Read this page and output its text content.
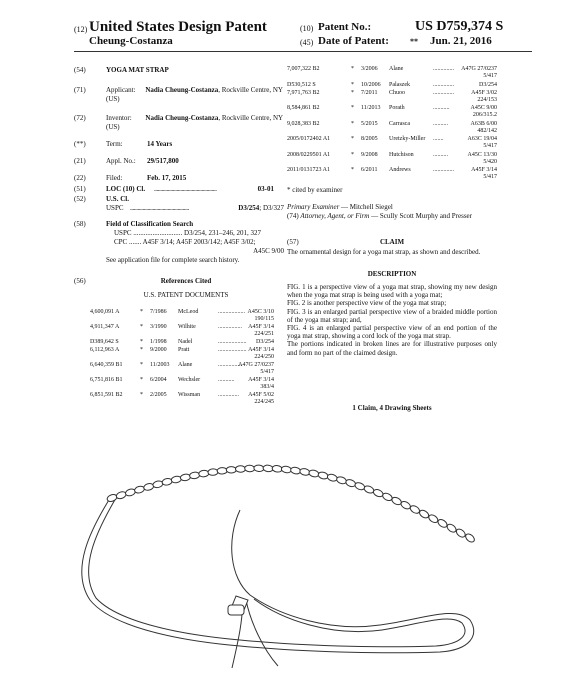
(12) United States Design Patent
Cheung-Costanza
(10) Patent No.:	US D759,374 S
(45) Date of Patent:	** Jun. 21, 2016
(54)	YOGA MAT STRAP
(71)	Applicant: Nadia Cheung-Costanza, Rockville Centre, NY (US)
(72)	Inventor: Nadia Cheung-Costanza, Rockville Centre, NY (US)
(**)	Term:	14 Years
(21)	Appl. No.: 29/517,800
(22)	Filed:	Feb. 17, 2015
(51)	LOC (10) Cl. ..................................................	03-01
(52)	U.S. Cl.
USPC ...............................................	D3/254; D3/327
(58)	Field of Classification Search
USPC ............................ D3/254, 231–246, 201, 327
CPC ....... A45F 3/14; A45F 2003/142; A45F 3/02;
A45C 9/00
See application file for complete search history.
(56)	References Cited
U.S. PATENT DOCUMENTS
4,600,091 A	* 7/1986 McLeod	.................. A45C 3/10
190/115
4,911,347 A	* 3/1990 Wilhite	................ A45F 3/14
224/251
D389,642 S	* 1/1998 Nadel	................... D3/254
6,112,963 A	* 9/2000 Pratt	................... A45F 3/14
224/250
6,640,359 B1	* 11/2003 Alane	................
A47G 27/0237
5/417
6,751,816 B1	* 6/2004 Wechsler	........... A45F 3/14
383/4
6,851,591 B2	* 2/2005 Wissman	.............. A45F 5/02
224/245
7,007,322 B2	* 3/2006 Alane	.............. A47G 27/0237
5/417
D530,512 S	* 10/2006 Palaszek	..............	D3/254
7,971,763 B2	* 7/2011 Chuoo	..............	A45F 3/02
224/153
8,584,861 B2	* 11/2013 Porath	...........	A45C 9/00
206/315.2
9,028,383 B2	* 5/2015 Carrasca	..........	A63B 6/00
482/142
2005/0172402 A1	* 8/2005 Uretzky-Miller .......	A63C 19/04
5/417
2008/0229501 A1	* 9/2008 Hutchison	..........	A45C 13/30
5/420
2011/0131723 A1	* 6/2011 Andrews	..............	A45F 3/14
5/417
* cited by examiner
Primary Examiner — Mitchell Siegel
(74) Attorney, Agent, or Firm — Scully Scott Murphy and Presser
(57)	CLAIM
The ornamental design for a yoga mat strap, as shown and described.
DESCRIPTION
FIG. 1 is a perspective view of a yoga mat strap, showing my new design when the yoga mat strap is being used with a yoga mat;
FIG. 2 is another perspective view of the yoga mat strap;
FIG. 3 is an enlarged partial perspective view of a braided middle portion of the yoga mat strap; and,
FIG. 4 is an enlarged partial perspective view of an end portion of the yoga mat strap, showing a cord lock of the yoga mat strap.
The portions indicated in broken lines are for illustrative purposes only and form no part of the claimed design.
1 Claim, 4 Drawing Sheets
